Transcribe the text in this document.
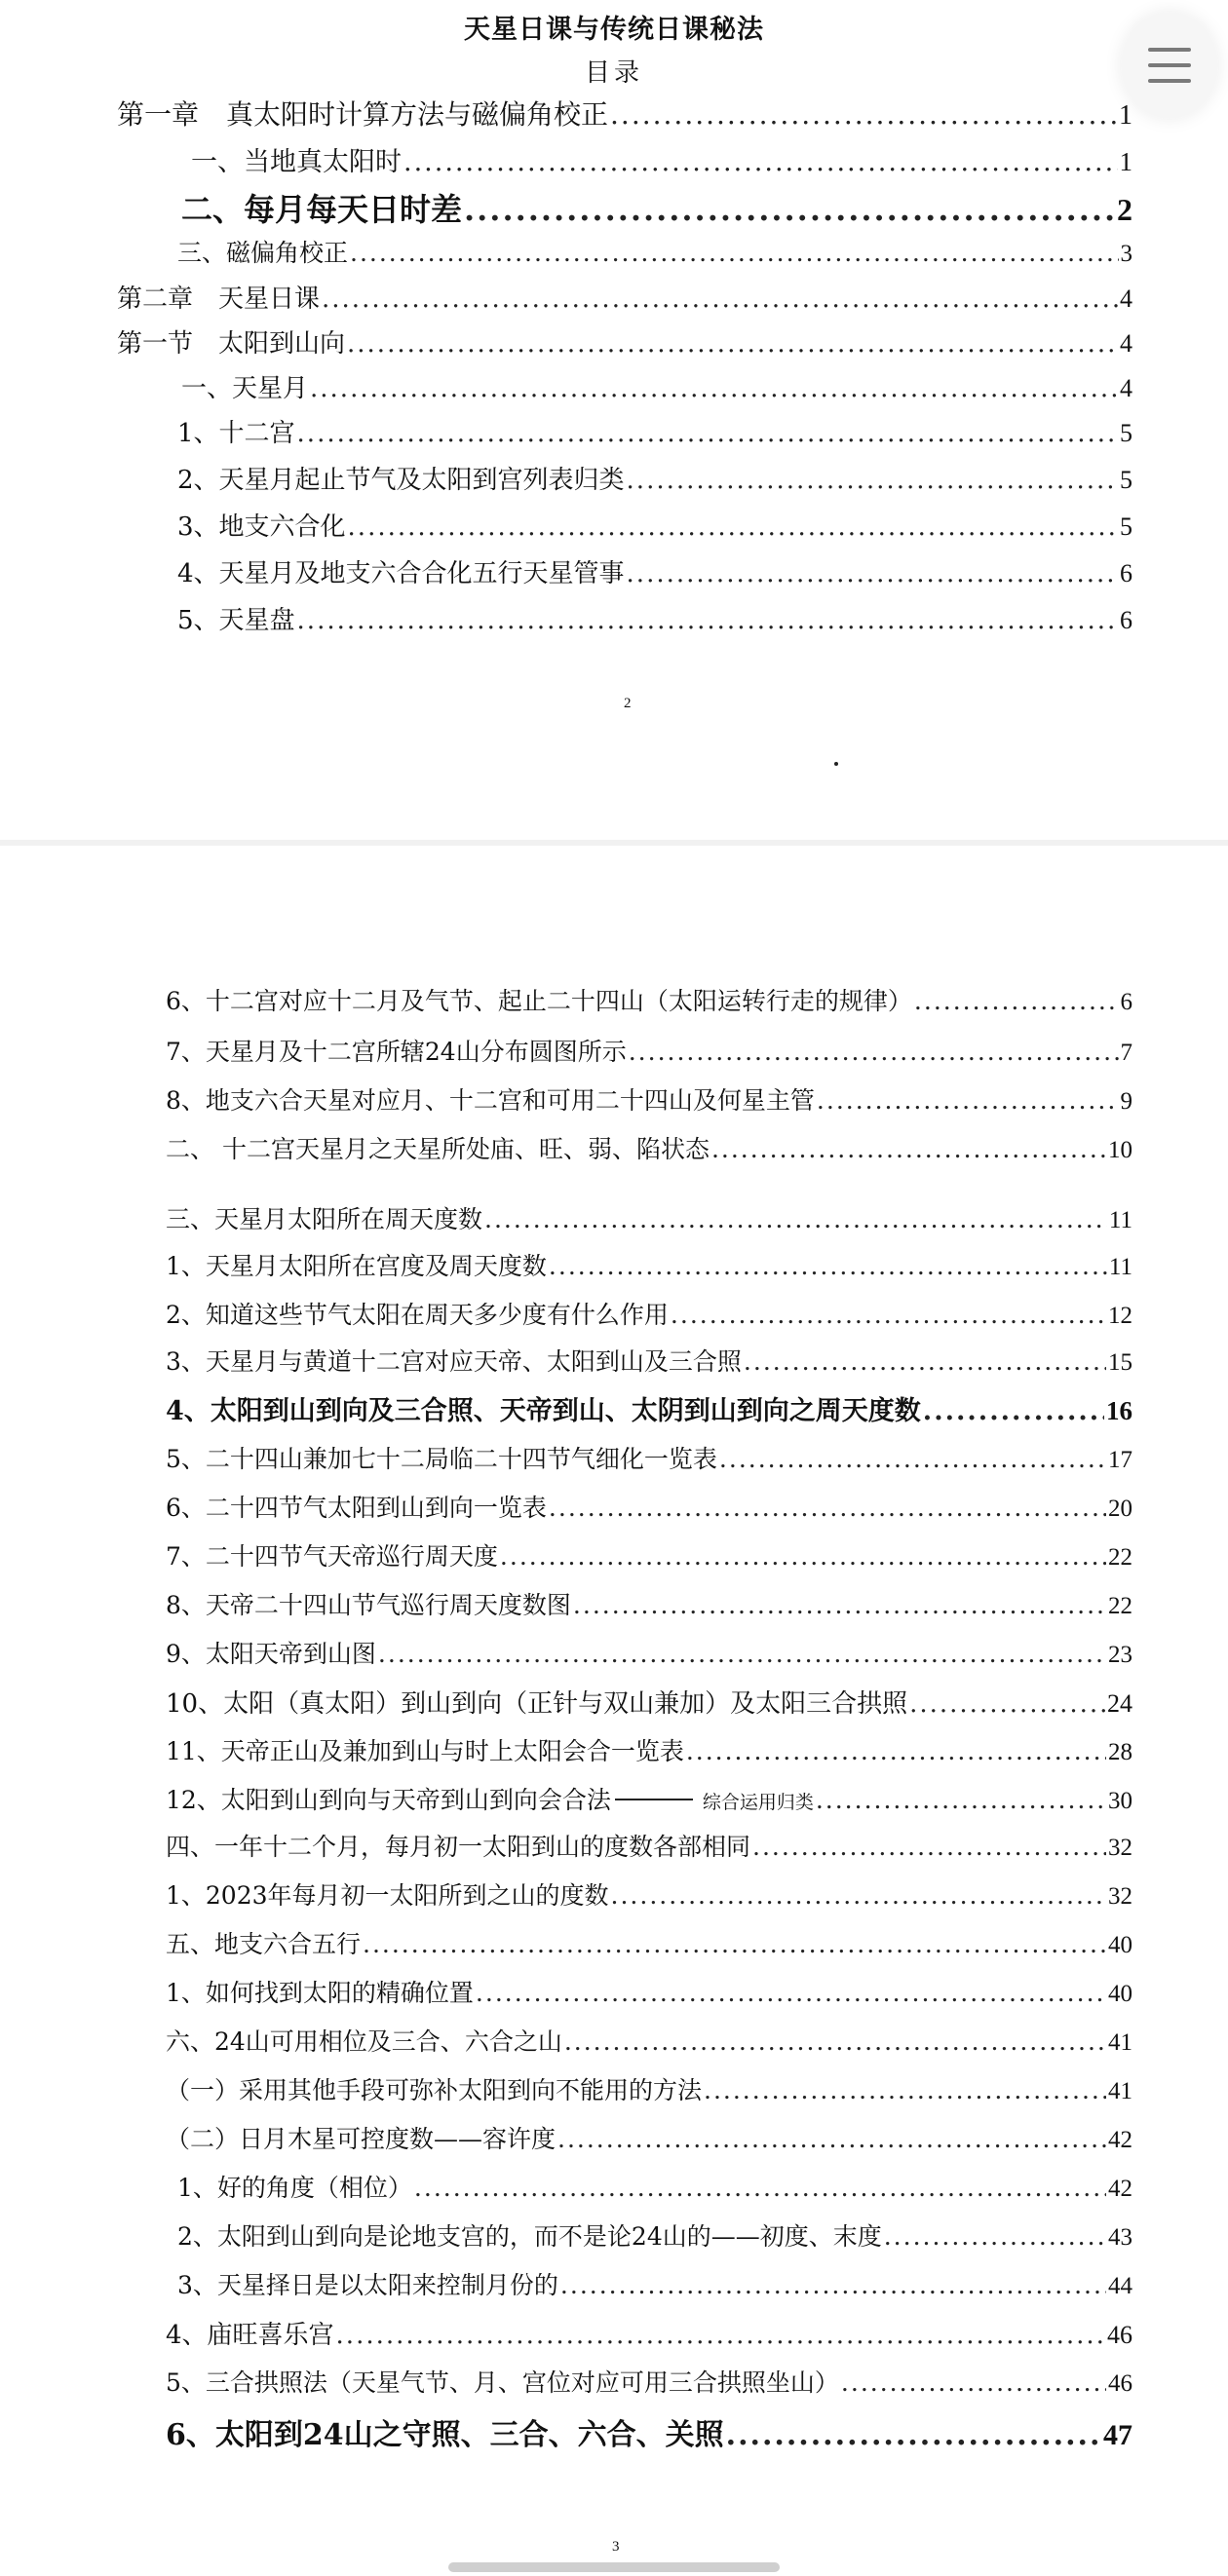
天星日课与传统日课秘法
目录
第一章　真太阳时计算方法与磁偏角校正 .....	1
一、当地真太阳时 .....	1
二、每月每天日时差 .....	2
三、磁偏角校正 .....	3
第二章　天星日课 .....	4
第一节　太阳到山向 .....	4
一、天星月 .....	4
1、十二宫 .....	5
2、天星月起止节气及太阳到宫列表归类 .....	5
3、地支六合化 .....	5
4、天星月及地支六合合化五行天星管事 .....	6
5、天星盘 .....	6
2
6、十二宫对应十二月及气节、起止二十四山（太阳运转行走的规律） .....	6
7、天星月及十二宫所辖24山分布圆图所示 .....	7
8、地支六合天星对应月、十二宫和可用二十四山及何星主管 .....	9
二、 十二宫天星月之天星所处庙、旺、弱、陷状态 .....	10
三、天星月太阳所在周天度数 .....	11
1、天星月太阳所在宫度及周天度数 .....	11
2、知道这些节气太阳在周天多少度有什么作用 .....	12
3、天星月与黄道十二宫对应天帝、太阳到山及三合照 .....	15
4、太阳到山到向及三合照、天帝到山、太阴到山到向之周天度数 .....	16
5、二十四山兼加七十二局临二十四节气细化一览表 .....	17
6、二十四节气太阳到山到向一览表 .....	20
7、二十四节气天帝巡行周天度 .....	22
8、天帝二十四山节气巡行周天度数图 .....	22
9、太阳天帝到山图 .....	23
10、太阳（真太阳）到山到向（正针与双山兼加）及太阳三合拱照 .....	24
11、天帝正山及兼加到山与时上太阳会合一览表 .....	28
12、太阳到山到向与天帝到山到向会合法	综合运用归类 .....	30
四、一年十二个月，每月初一太阳到山的度数各部相同 .....	32
1、2023年每月初一太阳所到之山的度数 .....	32
五、地支六合五行 .....	40
1、如何找到太阳的精确位置 .....	40
六、24山可用相位及三合、六合之山 .....	41
（一）采用其他手段可弥补太阳到向不能用的方法 .....	41
（二）日月木星可控度数——容许度 .....	42
1、好的角度（相位） .....	42
2、太阳到山到向是论地支宫的，而不是论24山的——初度、末度 .....	43
3、天星择日是以太阳来控制月份的 .....	44
4、庙旺喜乐宫 .....	46
5、三合拱照法（天星气节、月、宫位对应可用三合拱照坐山） .....	46
6、太阳到24山之守照、三合、六合、关照 .....	47
3
